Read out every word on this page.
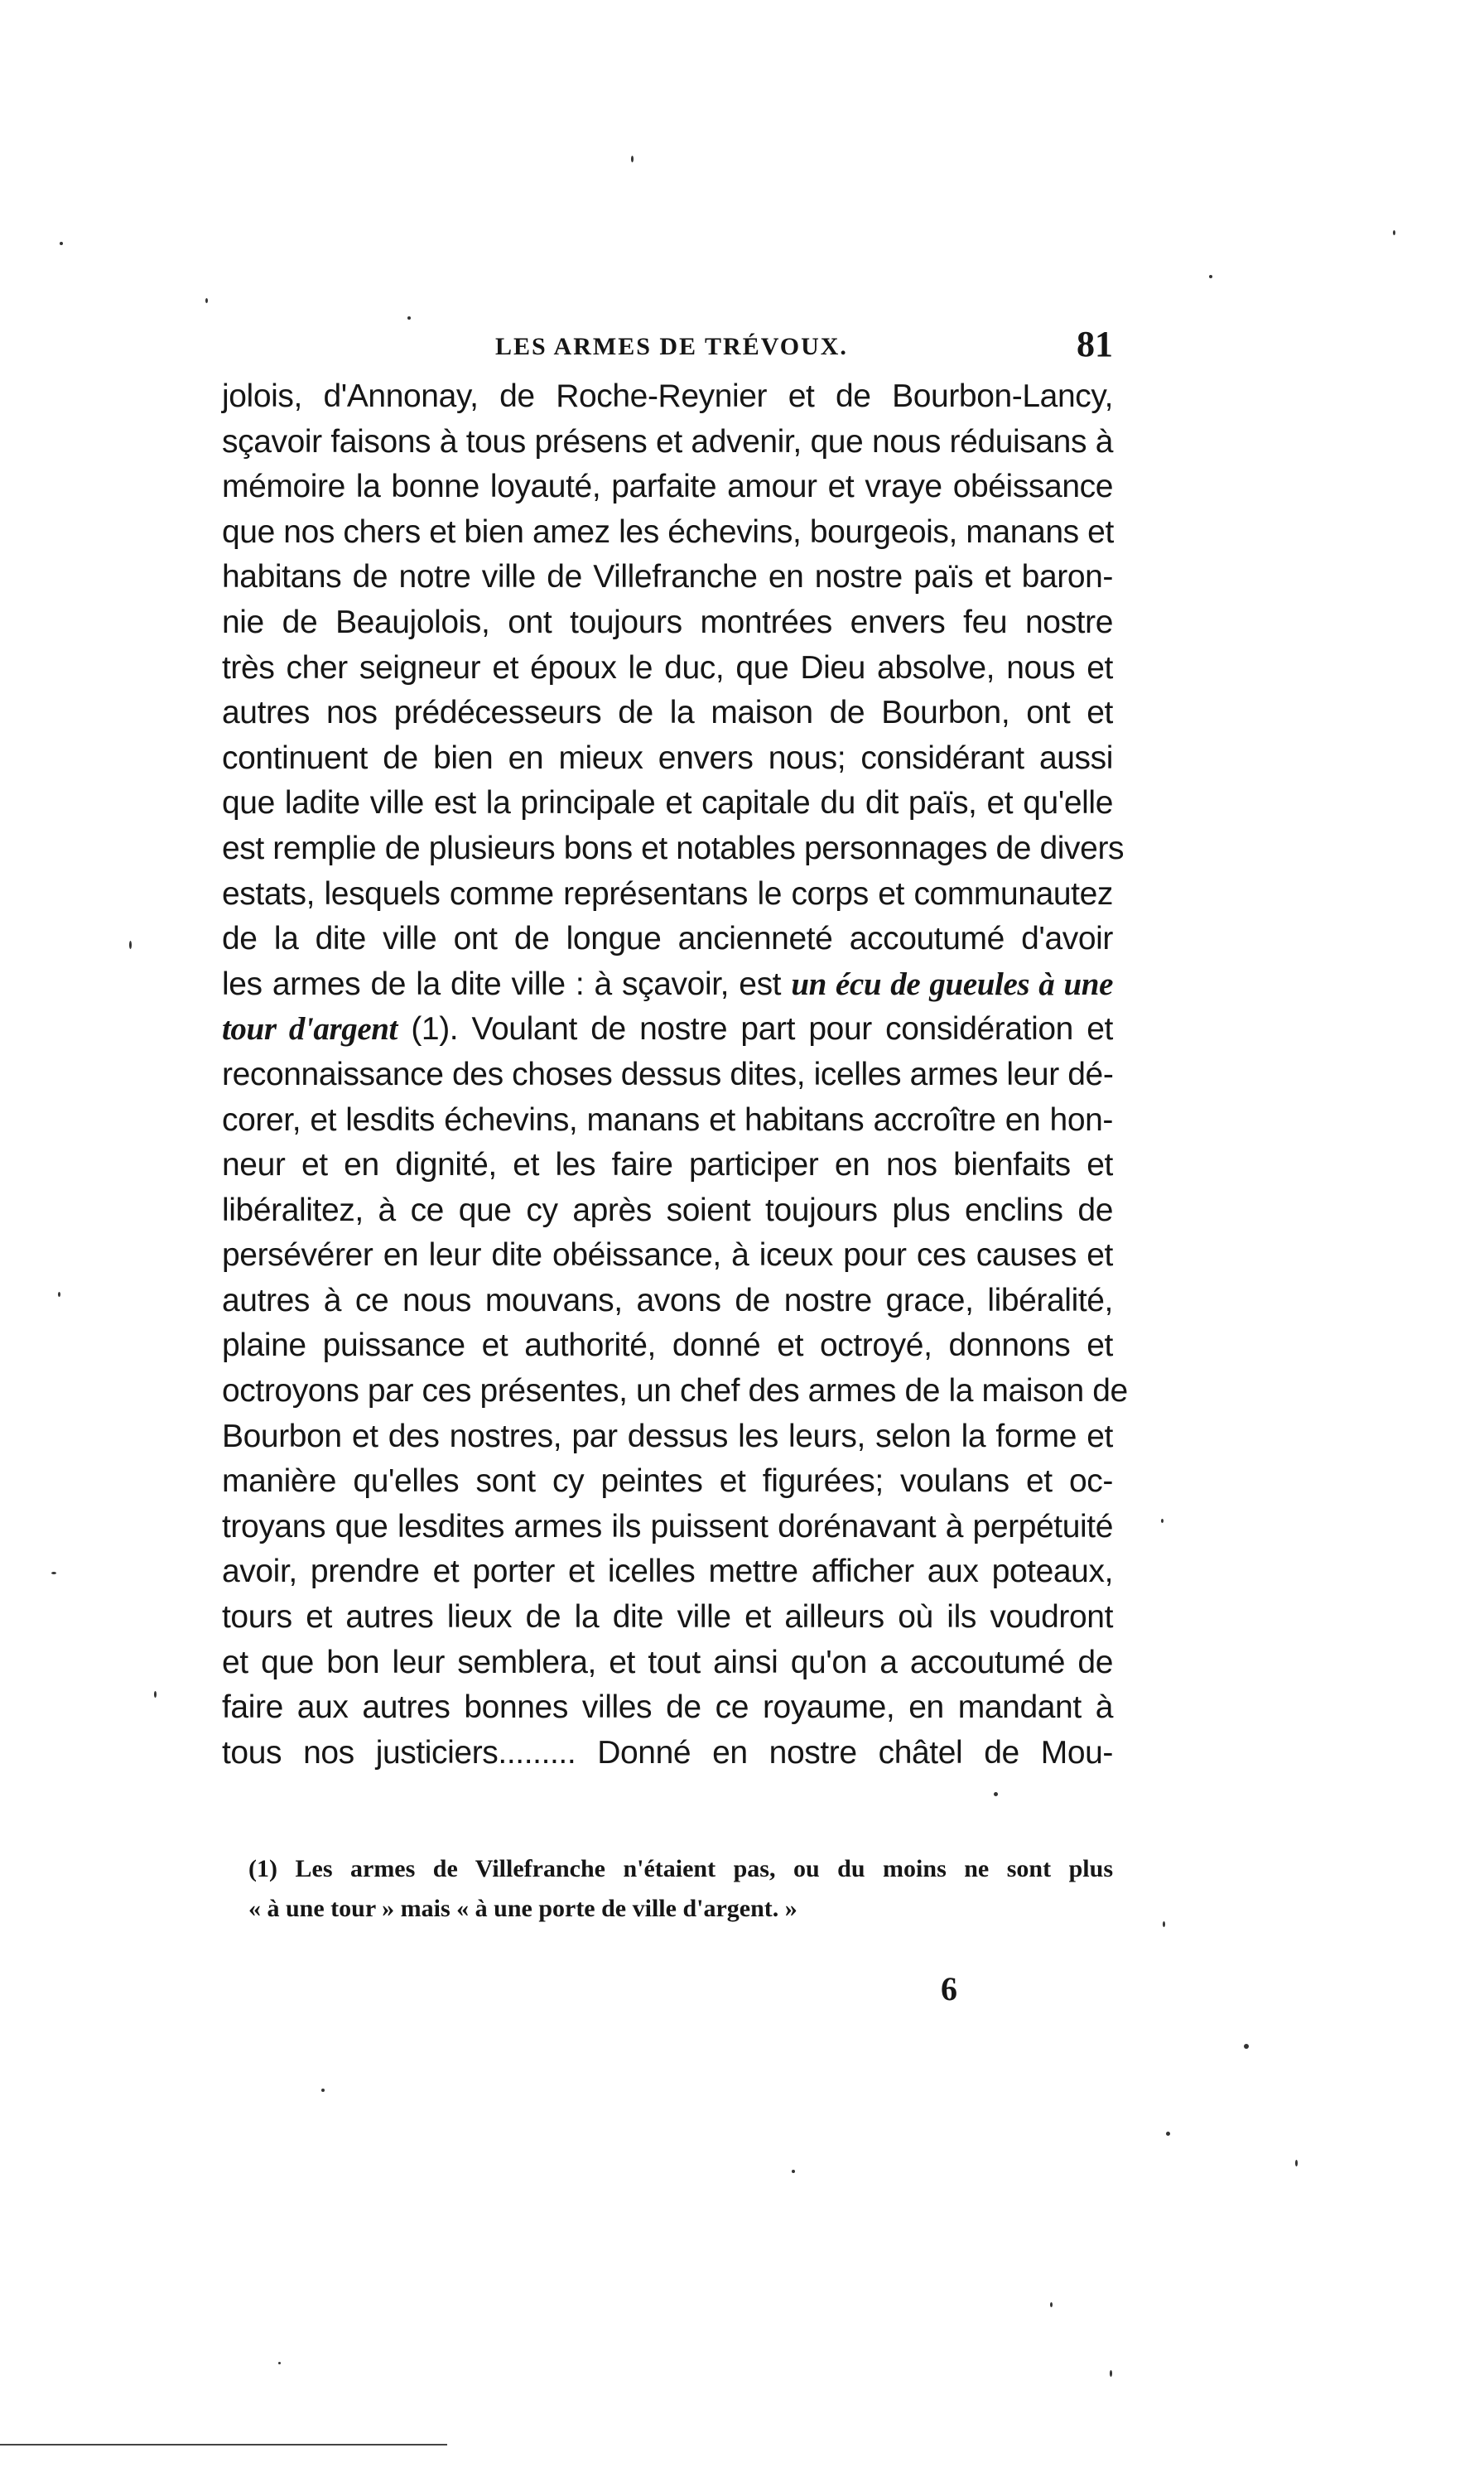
LES ARMES DE TRÉVOUX.	81
jolois, d'Annonay, de Roche-Reynier et de Bourbon-Lancy,
sçavoir faisons à tous présens et advenir, que nous réduisans à
mémoire la bonne loyauté, parfaite amour et vraye obéissance
que nos chers et bien amez les échevins, bourgeois, manans et
habitans de notre ville de Villefranche en nostre païs et baron-
nie de Beaujolois, ont toujours montrées envers feu nostre
très cher seigneur et époux le duc, que Dieu absolve, nous et
autres nos prédécesseurs de la maison de Bourbon, ont et
continuent de bien en mieux envers nous; considérant aussi
que ladite ville est la principale et capitale du dit païs, et qu'elle
est remplie de plusieurs bons et notables personnages de divers
estats, lesquels comme représentans le corps et communautez
de la dite ville ont de longue ancienneté accoutumé d'avoir
les armes de la dite ville : à sçavoir, est un écu de gueules à une
tour d'argent (1). Voulant de nostre part pour considération et
reconnaissance des choses dessus dites, icelles armes leur dé-
corer, et lesdits échevins, manans et habitans accroître en hon-
neur et en dignité, et les faire participer en nos bienfaits et
libéralitez, à ce que cy après soient toujours plus enclins de
persévérer en leur dite obéissance, à iceux pour ces causes et
autres à ce nous mouvans, avons de nostre grace, libéralité,
plaine puissance et authorité, donné et octroyé, donnons et
octroyons par ces présentes, un chef des armes de la maison de
Bourbon et des nostres, par dessus les leurs, selon la forme et
manière qu'elles sont cy peintes et figurées; voulans et oc-
troyans que lesdites armes ils puissent dorénavant à perpétuité
avoir, prendre et porter et icelles mettre afficher aux poteaux,
tours et autres lieux de la dite ville et ailleurs où ils voudront
et que bon leur semblera, et tout ainsi qu'on a accoutumé de
faire aux autres bonnes villes de ce royaume, en mandant à
tous nos justiciers......... Donné en nostre châtel de Mou-
(1) Les armes de Villefranche n'étaient pas, ou du moins ne sont plus
« à une tour » mais « à une porte de ville d'argent. »
6
